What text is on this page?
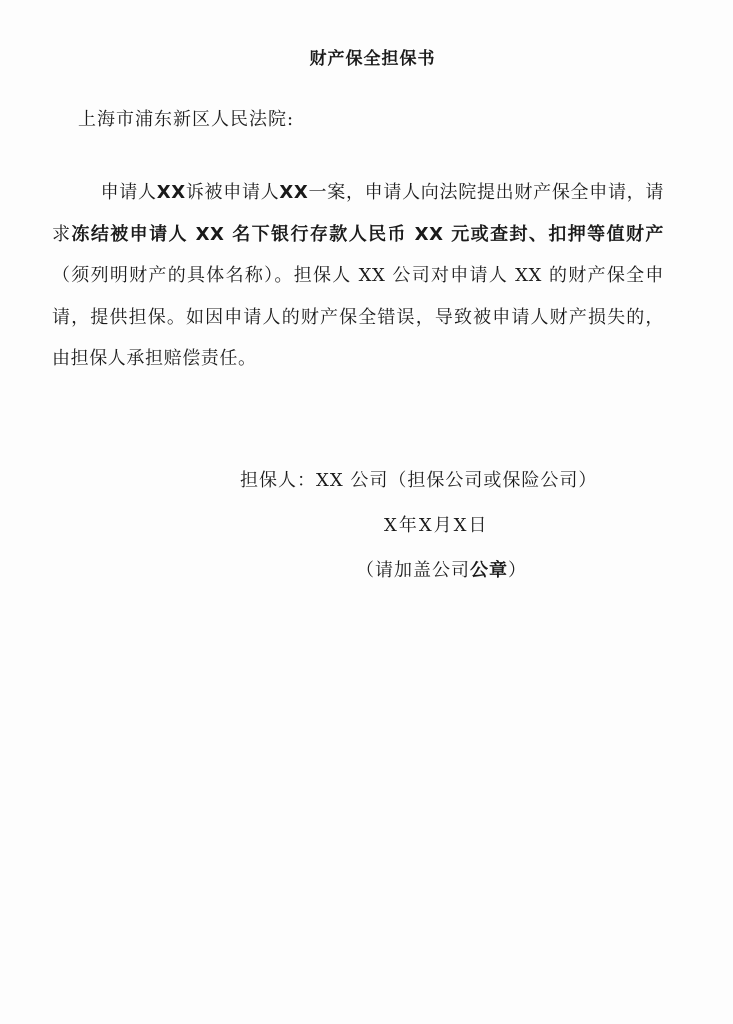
财产保全担保书
上海市浦东新区人民法院:
申请人XX诉被申请人XX一案，申请人向法院提出财产保全申请，请求冻结被申请人 XX 名下银行存款人民币 XX 元或查封、扣押等值财产（须列明财产的具体名称）。担保人 XX 公司对申请人 XX 的财产保全申请，提供担保。如因申请人的财产保全错误，导致被申请人财产损失的，由担保人承担赔偿责任。
担保人：XX 公司（担保公司或保险公司）
X年X月X日
（请加盖公司公章）
